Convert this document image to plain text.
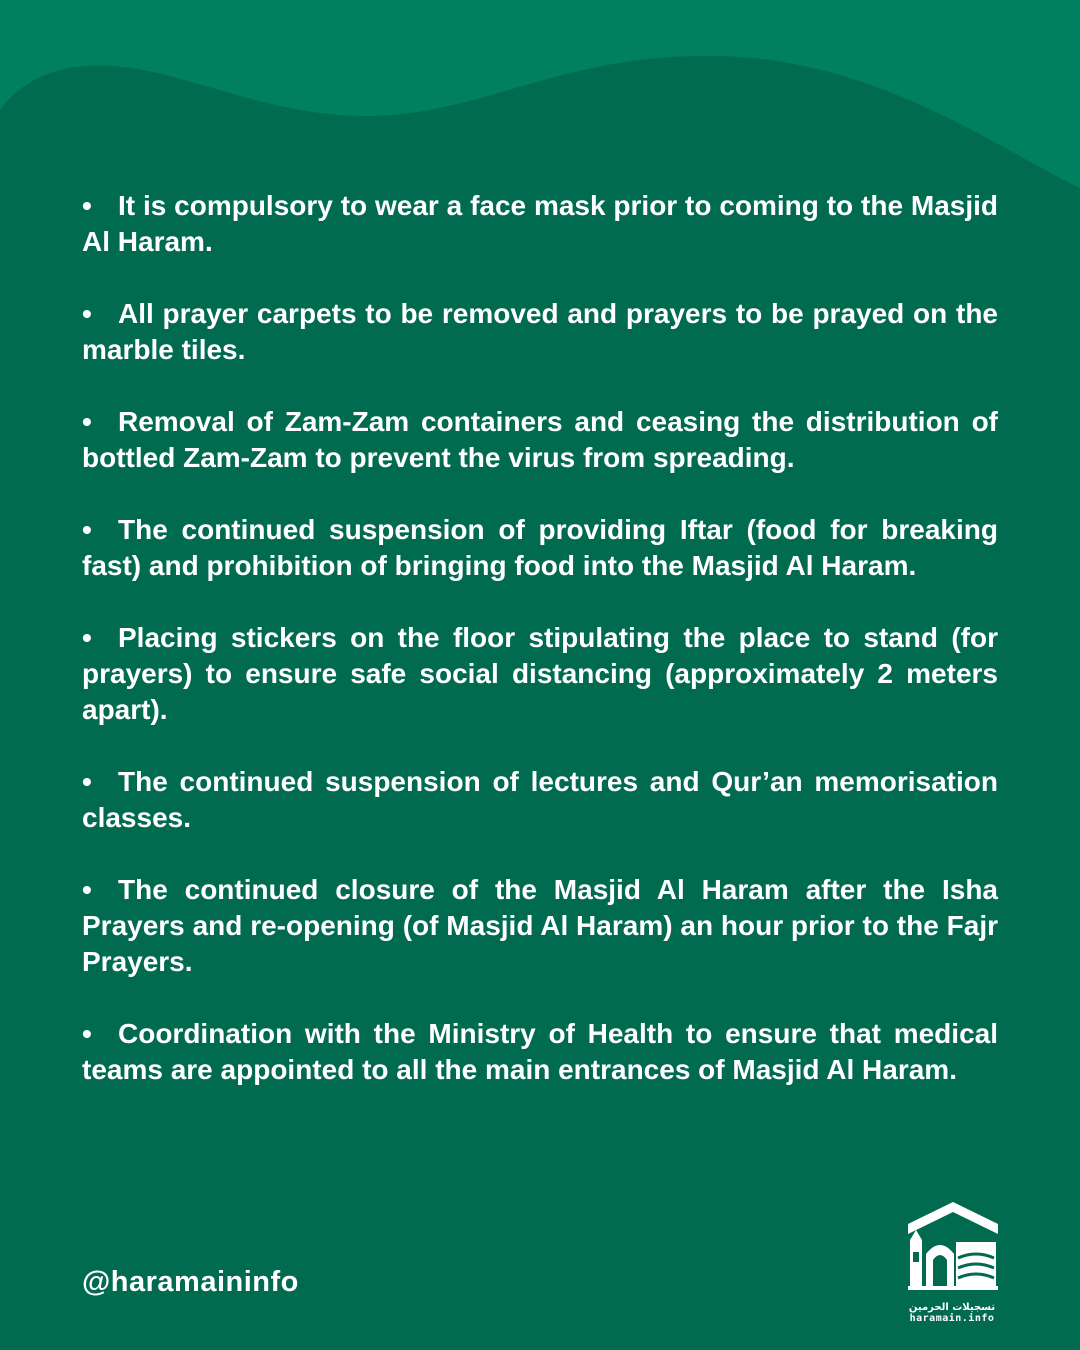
• It is compulsory to wear a face mask prior to coming to the Masjid Al Haram.

• All prayer carpets to be removed and prayers to be prayed on the marble tiles.

• Removal of Zam-Zam containers and ceasing the distribution of bottled Zam-Zam to prevent the virus from spreading.

• The continued suspension of providing Iftar (food for breaking fast) and prohibition of bringing food into the Masjid Al Haram.

• Placing stickers on the floor stipulating the place to stand (for prayers) to ensure safe social distancing (approximately 2 meters apart).

• The continued suspension of lectures and Qur’an memorisation classes.

• The continued closure of the Masjid Al Haram after the Isha Prayers and re-opening (of Masjid Al Haram) an hour prior to the Fajr Prayers.

• Coordination with the Ministry of Health to ensure that medical teams are appointed to all the main entrances of Masjid Al Haram.

@haramaininfo
تسجيلات الحرمين
haramain.info
